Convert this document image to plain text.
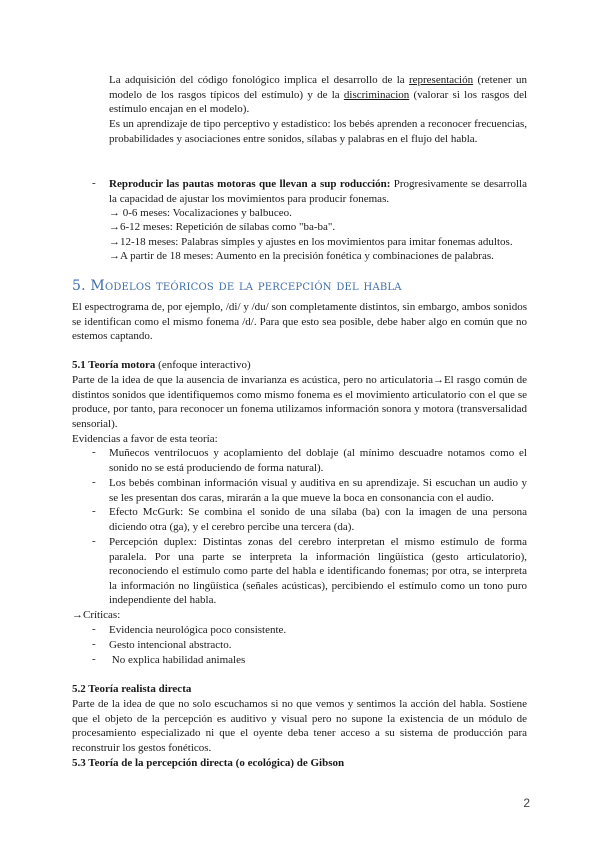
La adquisición del código fonológico implica el desarrollo de la representación (retener un modelo de los rasgos típicos del estímulo) y de la discriminacion (valorar si los rasgos del estímulo encajan en el modelo).

Es un aprendizaje de tipo perceptivo y estadístico: los bebés aprenden a reconocer frecuencias, probabilidades y asociaciones entre sonidos, sílabas y palabras en el flujo del habla.

- Reproducir las pautas motoras que llevan a sup roducción: Progresivamente se desarrolla la capacidad de ajustar los movimientos para producir fonemas.

→ 0-6 meses: Vocalizaciones y balbuceo.
→6-12 meses: Repetición de sílabas como "ba-ba".
→12-18 meses: Palabras simples y ajustes en los movimientos para imitar fonemas adultos.
→A partir de 18 meses: Aumento en la precisión fonética y combinaciones de palabras.
5. Modelos teóricos de la percepción del habla

El espectrograma de, por ejemplo, /di/ y /du/ son completamente distintos, sin embargo, ambos sonidos se identifican como el mismo fonema /d/. Para que esto sea posible, debe haber algo en común que no estemos captando.

5.1 Teoría motora (enfoque interactivo)

Parte de la idea de que la ausencia de invarianza es acústica, pero no articulatoria→El rasgo común de distintos sonidos que identifiquemos como mismo fonema es el movimiento articulatorio con el que se produce, por tanto, para reconocer un fonema utilizamos información sonora y motora (transversalidad sensorial).

Evidencias a favor de esta teoría:

- Muñecos ventrílocuos y acoplamiento del doblaje (al mínimo descuadre notamos como el sonido no se está produciendo de forma natural).

- Los bebés combinan información visual y auditiva en su aprendizaje. Si escuchan un audio y se les presentan dos caras, mirarán a la que mueve la boca en consonancia con el audio.

- Efecto McGurk: Se combina el sonido de una sílaba (ba) con la imagen de una persona diciendo otra (ga), y el cerebro percibe una tercera (da).

- Percepción duplex: Distintas zonas del cerebro interpretan el mismo estímulo de forma paralela. Por una parte se interpreta la información lingüística (gesto articulatorio), reconociendo el estímulo como parte del habla e identificando fonemas; por otra, se interpreta la información no lingüística (señales acústicas), percibiendo el estímulo como un tono puro independiente del habla.

→Críticas:

- Evidencia neurológica poco consistente.

- Gesto intencional abstracto.

- No explica habilidad animales

5.2 Teoría realista directa

Parte de la idea de que no solo escuchamos si no que vemos y sentimos la acción del habla. Sostiene que el objeto de la percepción es auditivo y visual pero no supone la existencia de un módulo de procesamiento especializado ni que el oyente deba tener acceso a su sistema de producción para reconstruir los gestos fonéticos.

5.3 Teoría de la percepción directa (o ecológica) de Gibson

2
